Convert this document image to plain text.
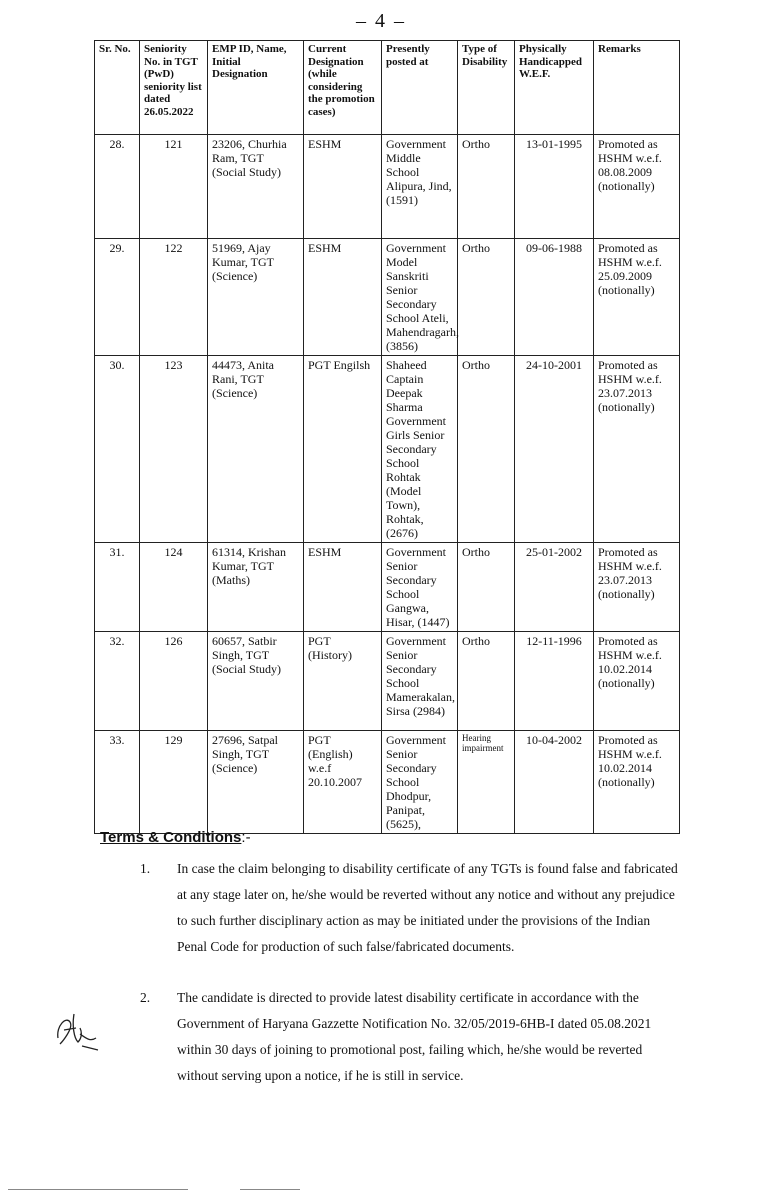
– 4 –
Sr. No.	Seniority No. in TGT (PwD) seniority list dated 26.05.2022	EMP ID, Name, Initial Designation	Current Designation (while considering the promotion cases)	Presently posted at	Type of Disability	Physically Handicapped W.E.F.	Remarks
28.	121	23206, Churhia Ram, TGT (Social Study)	ESHM	Government Middle School Alipura, Jind, (1591)	Ortho	13-01-1995	Promoted as HSHM w.e.f. 08.08.2009 (notionally)
29.	122	51969, Ajay Kumar, TGT (Science)	ESHM	Government Model Sanskriti Senior Secondary School Ateli, Mahendragarh, (3856)	Ortho	09-06-1988	Promoted as HSHM w.e.f. 25.09.2009 (notionally)
30.	123	44473, Anita Rani, TGT (Science)	PGT Engilsh	Shaheed Captain Deepak Sharma Government Girls Senior Secondary School Rohtak (Model Town), Rohtak, (2676)	Ortho	24-10-2001	Promoted as HSHM w.e.f. 23.07.2013 (notionally)
31.	124	61314, Krishan Kumar, TGT (Maths)	ESHM	Government Senior Secondary School Gangwa, Hisar, (1447)	Ortho	25-01-2002	Promoted as HSHM w.e.f. 23.07.2013 (notionally)
32.	126	60657, Satbir Singh, TGT (Social Study)	PGT (History)	Government Senior Secondary School Mamerakalan, Sirsa (2984)	Ortho	12-11-1996	Promoted as HSHM w.e.f. 10.02.2014 (notionally)
33.	129	27696, Satpal Singh, TGT (Science)	PGT (English) w.e.f 20.10.2007	Government Senior Secondary School Dhodpur, Panipat, (5625),	Hearing impairment	10-04-2002	Promoted as HSHM w.e.f. 10.02.2014 (notionally)
Terms & Conditions:-
1. In case the claim belonging to disability certificate of any TGTs is found false and fabricated at any stage later on, he/she would be reverted without any notice and without any prejudice to such further disciplinary action as may be initiated under the provisions of the Indian Penal Code for production of such false/fabricated documents.
2. The candidate is directed to provide latest disability certificate in accordance with the Government of Haryana Gazzette Notification No. 32/05/2019-6HB-I dated 05.08.2021 within 30 days of joining to promotional post, failing which, he/she would be reverted without serving upon a notice, if he is still in service.
